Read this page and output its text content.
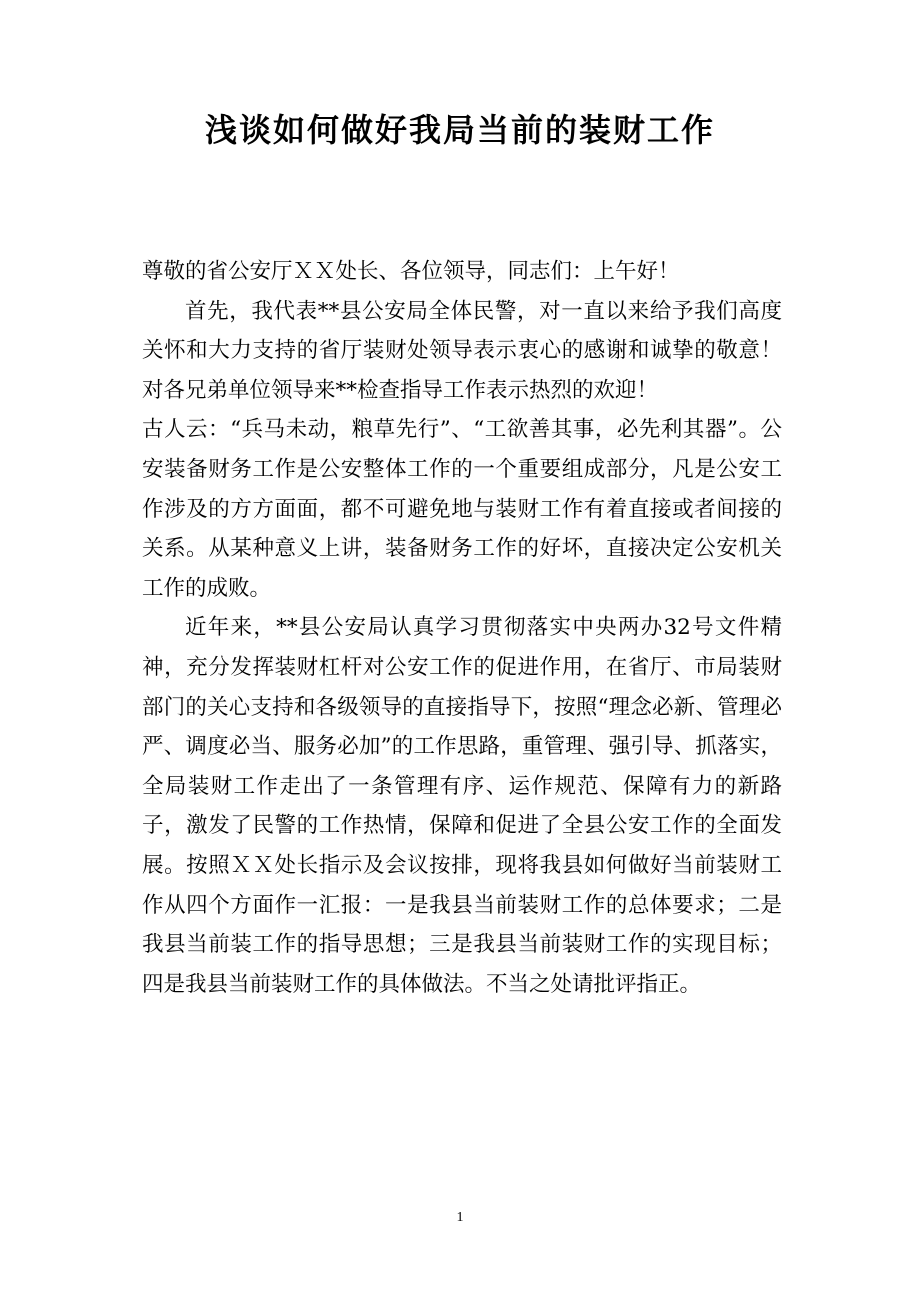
浅谈如何做好我局当前的装财工作

尊敬的省公安厅ＸＸ处长、各位领导，同志们：上午好！

首先，我代表**县公安局全体民警，对一直以来给予我们高度关怀和大力支持的省厅装财处领导表示衷心的感谢和诚挚的敬意！对各兄弟单位领导来**检查指导工作表示热烈的欢迎！

古人云：“兵马未动，粮草先行”、“工欲善其事，必先利其器”。公安装备财务工作是公安整体工作的一个重要组成部分，凡是公安工作涉及的方方面面，都不可避免地与装财工作有着直接或者间接的关系。从某种意义上讲，装备财务工作的好坏，直接决定公安机关工作的成败。

近年来，**县公安局认真学习贯彻落实中央两办32号文件精神，充分发挥装财杠杆对公安工作的促进作用，在省厅、市局装财部门的关心支持和各级领导的直接指导下，按照“理念必新、管理必严、调度必当、服务必加”的工作思路，重管理、强引导、抓落实，全局装财工作走出了一条管理有序、运作规范、保障有力的新路子，激发了民警的工作热情，保障和促进了全县公安工作的全面发展。按照ＸＸ处长指示及会议按排，现将我县如何做好当前装财工作从四个方面作一汇报：一是我县当前装财工作的总体要求；二是我县当前装工作的指导思想；三是我县当前装财工作的实现目标；四是我县当前装财工作的具体做法。不当之处请批评指正。

1
